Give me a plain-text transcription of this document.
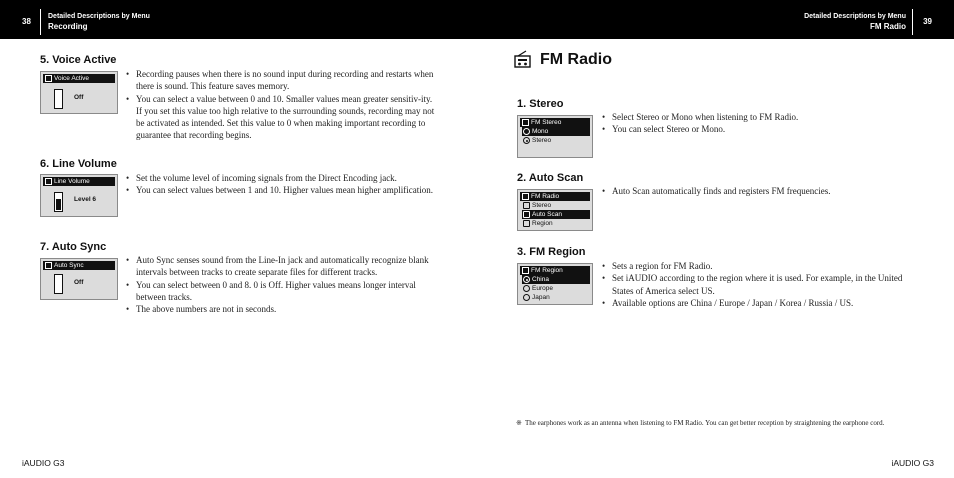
38
Detailed Descriptions by Menu
Recording
Detailed Descriptions by Menu
FM Radio
39
5. Voice Active
Voice Active
Off
• Recording pauses when there is no sound input during recording and restarts when there is sound. This feature saves memory.
• You can select a value between 0 and 10. Smaller values mean greater sensitiv-ity. If you set this value too high relative to the surrounding sounds, recording may not be activated as intended. Set this value to 0 when making important recording to guarantee that recording begins.
6. Line Volume
Line Volume
Level 6
• Set the volume level of incoming signals from the Direct Encoding jack.
• You can select values between 1 and 10. Higher values mean higher amplification.
7. Auto Sync
Auto Sync
Off
• Auto Sync senses sound from the Line-In jack and automatically recognize blank intervals between tracks to create separate files for different tracks.
• You can select between 0 and 8. 0 is Off. Higher values means longer interval between tracks.
• The above numbers are not in seconds.
FM Radio
1. Stereo
FM Stereo
Mono
Stereo
• Select Stereo or Mono when listening to FM Radio.
• You can select Stereo or Mono.
2. Auto Scan
FM Radio
Stereo
Auto Scan
Region
• Auto Scan automatically finds and registers FM frequencies.
3. FM Region
FM Region
China
Europe
Japan
• Sets a region for FM Radio.
• Set iAUDIO according to the region where it is used. For example, in the United States of America select US.
• Available options are China / Europe / Japan / Korea / Russia / US.
※ The earphones work as an antenna when listening to FM Radio. You can get better reception by straightening the earphone cord.
iAUDIO G3	iAUDIO G3
